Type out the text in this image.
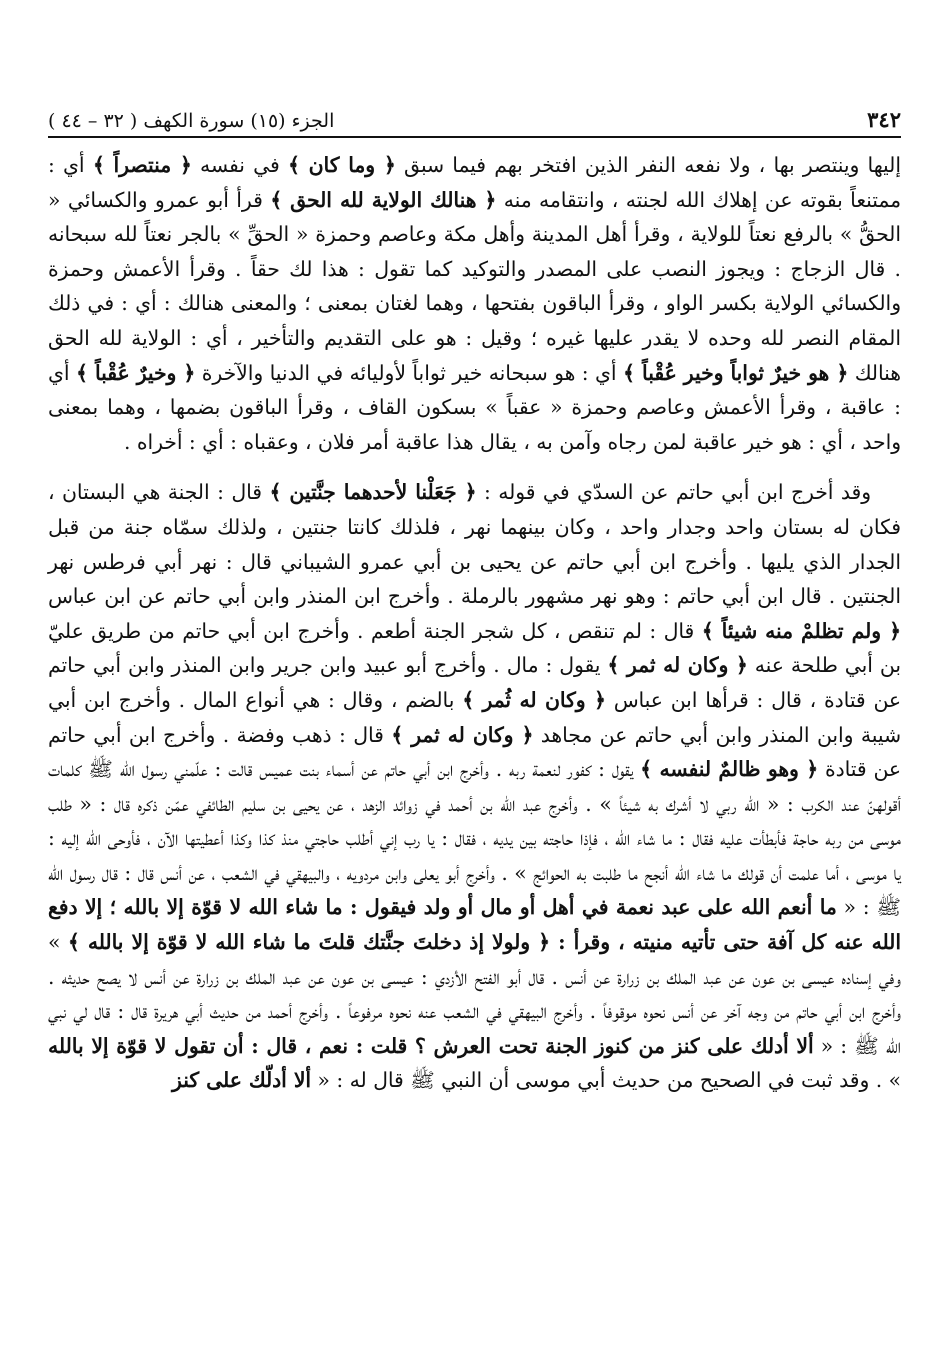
٣٤٢
الجزء (١٥) سورة الكهف ( ٣٢ – ٤٤ )

إليها وينتصر بها ، ولا نفعه النفر الذين افتخر بهم فيما سبق ﴿ وما كان ﴾ في نفسه ﴿ منتصراً ﴾ أي : ممتنعاً بقوته عن إهلاك الله لجنته ، وانتقامه منه ﴿ هنالك الولاية لله الحق ﴾ قرأ أبو عمرو والكسائي « الحقُّ » بالرفع نعتاً للولاية ، وقرأ أهل المدينة وأهل مكة وعاصم وحمزة « الحقِّ » بالجر نعتاً لله سبحانه . قال الزجاج : ويجوز النصب على المصدر والتوكيد كما تقول : هذا لك حقاً . وقرأ الأعمش وحمزة والكسائي الولاية بكسر الواو ، وقرأ الباقون بفتحها ، وهما لغتان بمعنى ؛ والمعنى هنالك : أي : في ذلك المقام النصر لله وحده لا يقدر عليها غيره ؛ وقيل : هو على التقديم والتأخير ، أي : الولاية لله الحق هنالك ﴿ هو خيرٌ ثواباً وخير عُقْباً ﴾ أي : هو سبحانه خير ثواباً لأوليائه في الدنيا والآخرة ﴿ وخيرٌ عُقْباً ﴾ أي : عاقبة ، وقرأ الأعمش وعاصم وحمزة « عقباً » بسكون القاف ، وقرأ الباقون بضمها ، وهما بمعنى واحد ، أي : هو خير عاقبة لمن رجاه وآمن به ، يقال هذا عاقبة أمر فلان ، وعقباه : أي : أخراه .

وقد أخرج ابن أبي حاتم عن السدّي في قوله : ﴿ جَعَلْنا لأحدهما جنَّتين ﴾ قال : الجنة هي البستان ، فكان له بستان واحد وجدار واحد ، وكان بينهما نهر ، فلذلك كانتا جنتين ، ولذلك سمّاه جنة من قبل الجدار الذي يليها . وأخرج ابن أبي حاتم عن يحيى بن أبي عمرو الشيباني قال : نهر أبي فرطس نهر الجنتين . قال ابن أبي حاتم : وهو نهر مشهور بالرملة . وأخرج ابن المنذر وابن أبي حاتم عن ابن عباس ﴿ ولم تظلمْ منه شيئاً ﴾ قال : لم تنقص ، كل شجر الجنة أطعم . وأخرج ابن أبي حاتم من طريق عليّ بن أبي طلحة عنه ﴿ وكان له ثمر ﴾ يقول : مال . وأخرج أبو عبيد وابن جرير وابن المنذر وابن أبي حاتم عن قتادة ، قال : قرأها ابن عباس ﴿ وكان له ثُمر ﴾ بالضم ، وقال : هي أنواع المال . وأخرج ابن أبي شيبة وابن المنذر وابن أبي حاتم عن مجاهد ﴿ وكان له ثمر ﴾ قال : ذهب وفضة . وأخرج ابن أبي حاتم عن قتادة ﴿ وهو ظالمٌ لنفسه ﴾ يقول : كفور لنعمة ربه . وأخرج ابن أبي حاتم عن أسماء بنت عميس قالت : علّمني رسول الله ﷺ كلمات أقولهنّ عند الكرب : « الله ربي لا أشرك به شيئاً » . وأخرج عبد الله بن أحمد في زوائد الزهد ، عن يحيى بن سليم الطائفي عمّن ذكره قال : « طلب موسى من ربه حاجة فأبطأت عليه فقال : ما شاء الله ، فإذا حاجته بين يديه ، فقال : يا رب إني أطلب حاجتي منذ كذا وكذا أعطيتها الآن ، فأوحى الله إليه : يا موسى ، أما علمت أن قولك ما شاء الله أنجح ما طلبت به الحوائج » . وأخرج أبو يعلى وابن مردويه ، والبيهقي في الشعب ، عن أنس قال : قال رسول الله ﷺ : « ما أنعم الله على عبد نعمة في أهل أو مال أو ولد فيقول : ما شاء الله لا قوّة إلا بالله ؛ إلا دفع الله عنه كل آفة حتى تأتيه منيته ، وقرأ : ﴿ ولولا إذ دخلتَ جنَّتك قلتَ ما شاء الله لا قوّة إلا بالله ﴾ » وفي إسناده عيسى بن عون عن عبد الملك بن زرارة عن أنس . قال أبو الفتح الأزدي : عيسى بن عون عن عبد الملك بن زرارة عن أنس لا يصح حديثه . وأخرج ابن أبي حاتم من وجه آخر عن أنس نحوه موقوفاً . وأخرج البيهقي في الشعب عنه نحوه مرفوعاً . وأخرج أحمد من حديث أبي هريرة قال : قال لي نبي الله ﷺ : « ألا أدلك على كنز من كنوز الجنة تحت العرش ؟ قلت : نعم ، قال : أن تقول لا قوّة إلا بالله » . وقد ثبت في الصحيح من حديث أبي موسى أن النبي ﷺ قال له : « ألا أدلّك على كنز
